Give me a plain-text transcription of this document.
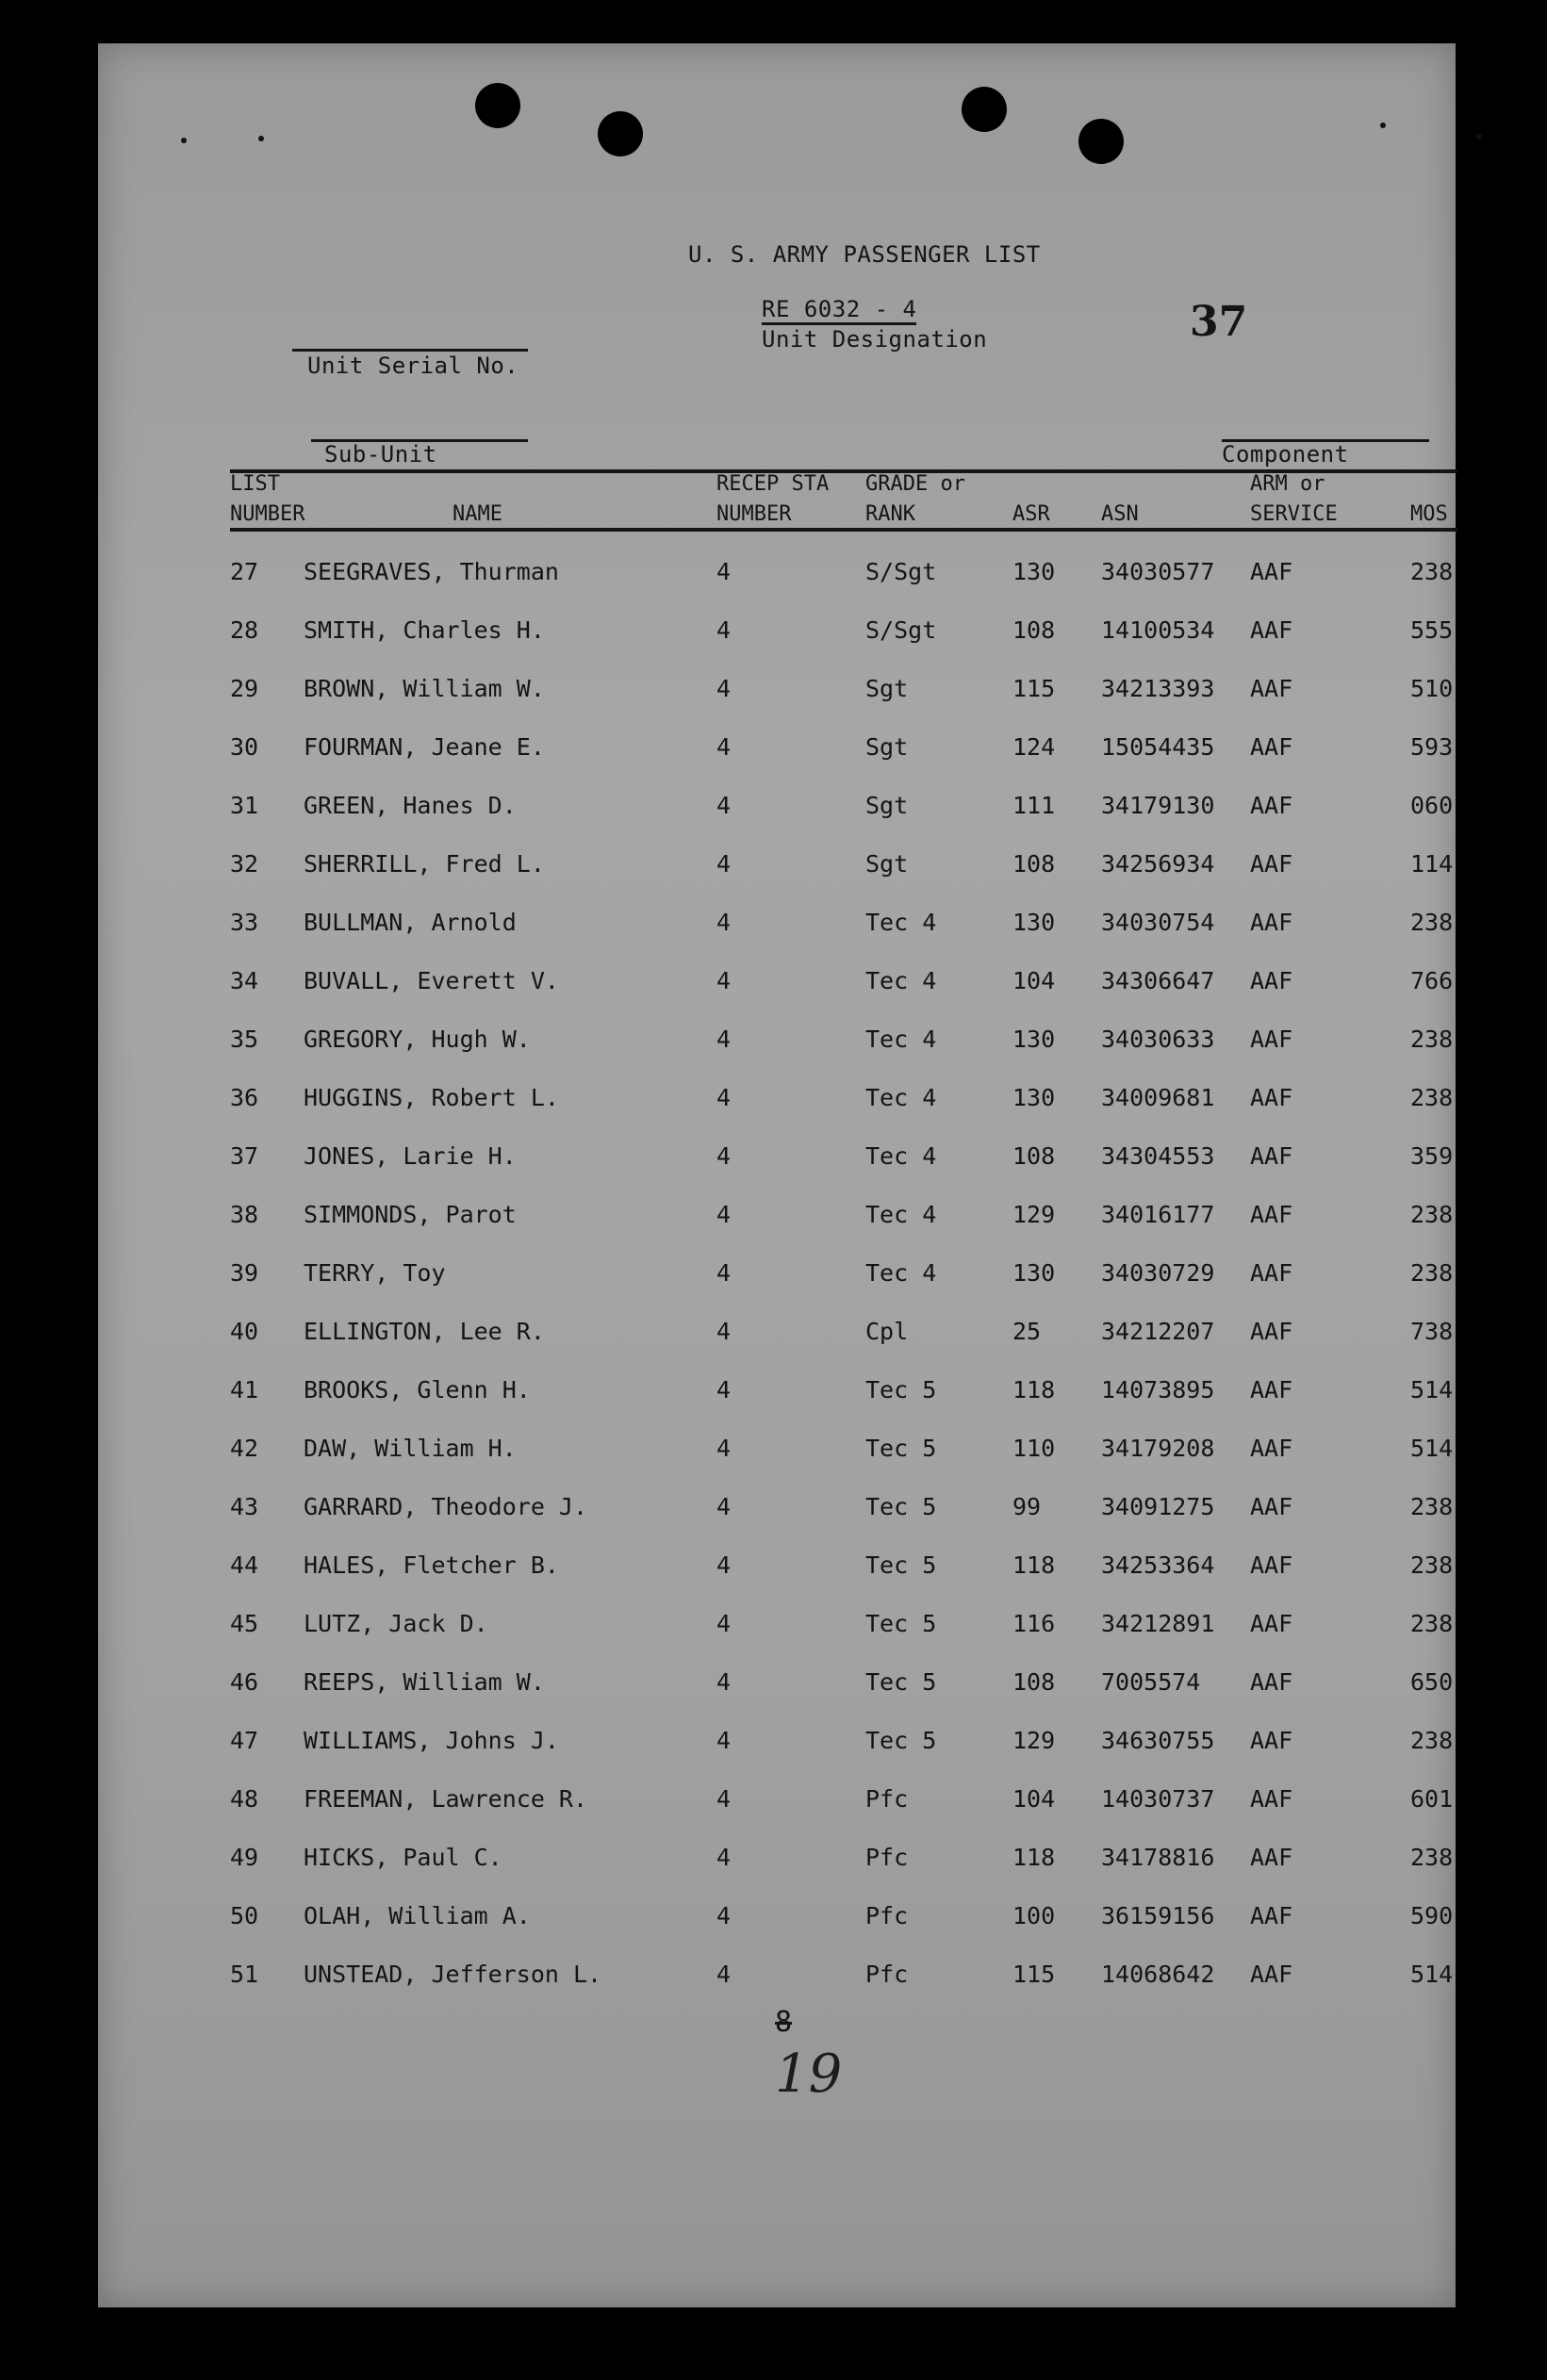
U. S. ARMY PASSENGER LIST
RE 6032 - 4
Unit Designation	37
Unit Serial No.
Sub-Unit	Component
LIST
NUMBER	NAME
RECEP STA
NUMBER
GRADE or
RANK	ASR ASN
ARM or
SERVICE	MOS
27 SEEGRAVES, Thurman	4	S/Sgt	130 34030577 AAF	238
28 SMITH, Charles H.	4	S/Sgt	108 14100534 AAF	555
29 BROWN, William W.	4	Sgt	115 34213393 AAF	510
30 FOURMAN, Jeane E.	4	Sgt	124 15054435 AAF	593
31 GREEN, Hanes D.	4	Sgt	111 34179130 AAF	060
32 SHERRILL, Fred L.	4	Sgt	108 34256934 AAF	114
33 BULLMAN, Arnold	4	Tec 4	130 34030754 AAF	238
34 BUVALL, Everett V.	4	Tec 4	104 34306647 AAF	766
35 GREGORY, Hugh W.	4	Tec 4	130 34030633 AAF	238
36 HUGGINS, Robert L.	4	Tec 4	130 34009681 AAF	238
37 JONES, Larie H.	4	Tec 4	108 34304553 AAF	359
38 SIMMONDS, Parot	4	Tec 4	129 34016177 AAF	238
39 TERRY, Toy	4	Tec 4	130 34030729 AAF	238
40 ELLINGTON, Lee R.	4	Cpl	25	34212207 AAF	738
41 BROOKS, Glenn H.	4	Tec 5	118 14073895 AAF	514
42 DAW, William H.	4	Tec 5	110 34179208 AAF	514
43 GARRARD, Theodore J.	4	Tec 5	99	34091275 AAF	238
44 HALES, Fletcher B.	4	Tec 5	118 34253364 AAF	238
45 LUTZ, Jack D.	4	Tec 5	116 34212891 AAF	238
46 REEPS, William W.	4	Tec 5	108 7005574 AAF	650
47 WILLIAMS, Johns J.	4	Tec 5	129 34630755 AAF	238
48 FREEMAN, Lawrence R.	4	Pfc	104 14030737 AAF	601
49 HICKS, Paul C.	4	Pfc	118 34178816 AAF	238
50 OLAH, William A.	4	Pfc	100 36159156 AAF	590
51 UNSTEAD, Jefferson L.	4	Pfc	115 14068642 AAF	514
8
19
